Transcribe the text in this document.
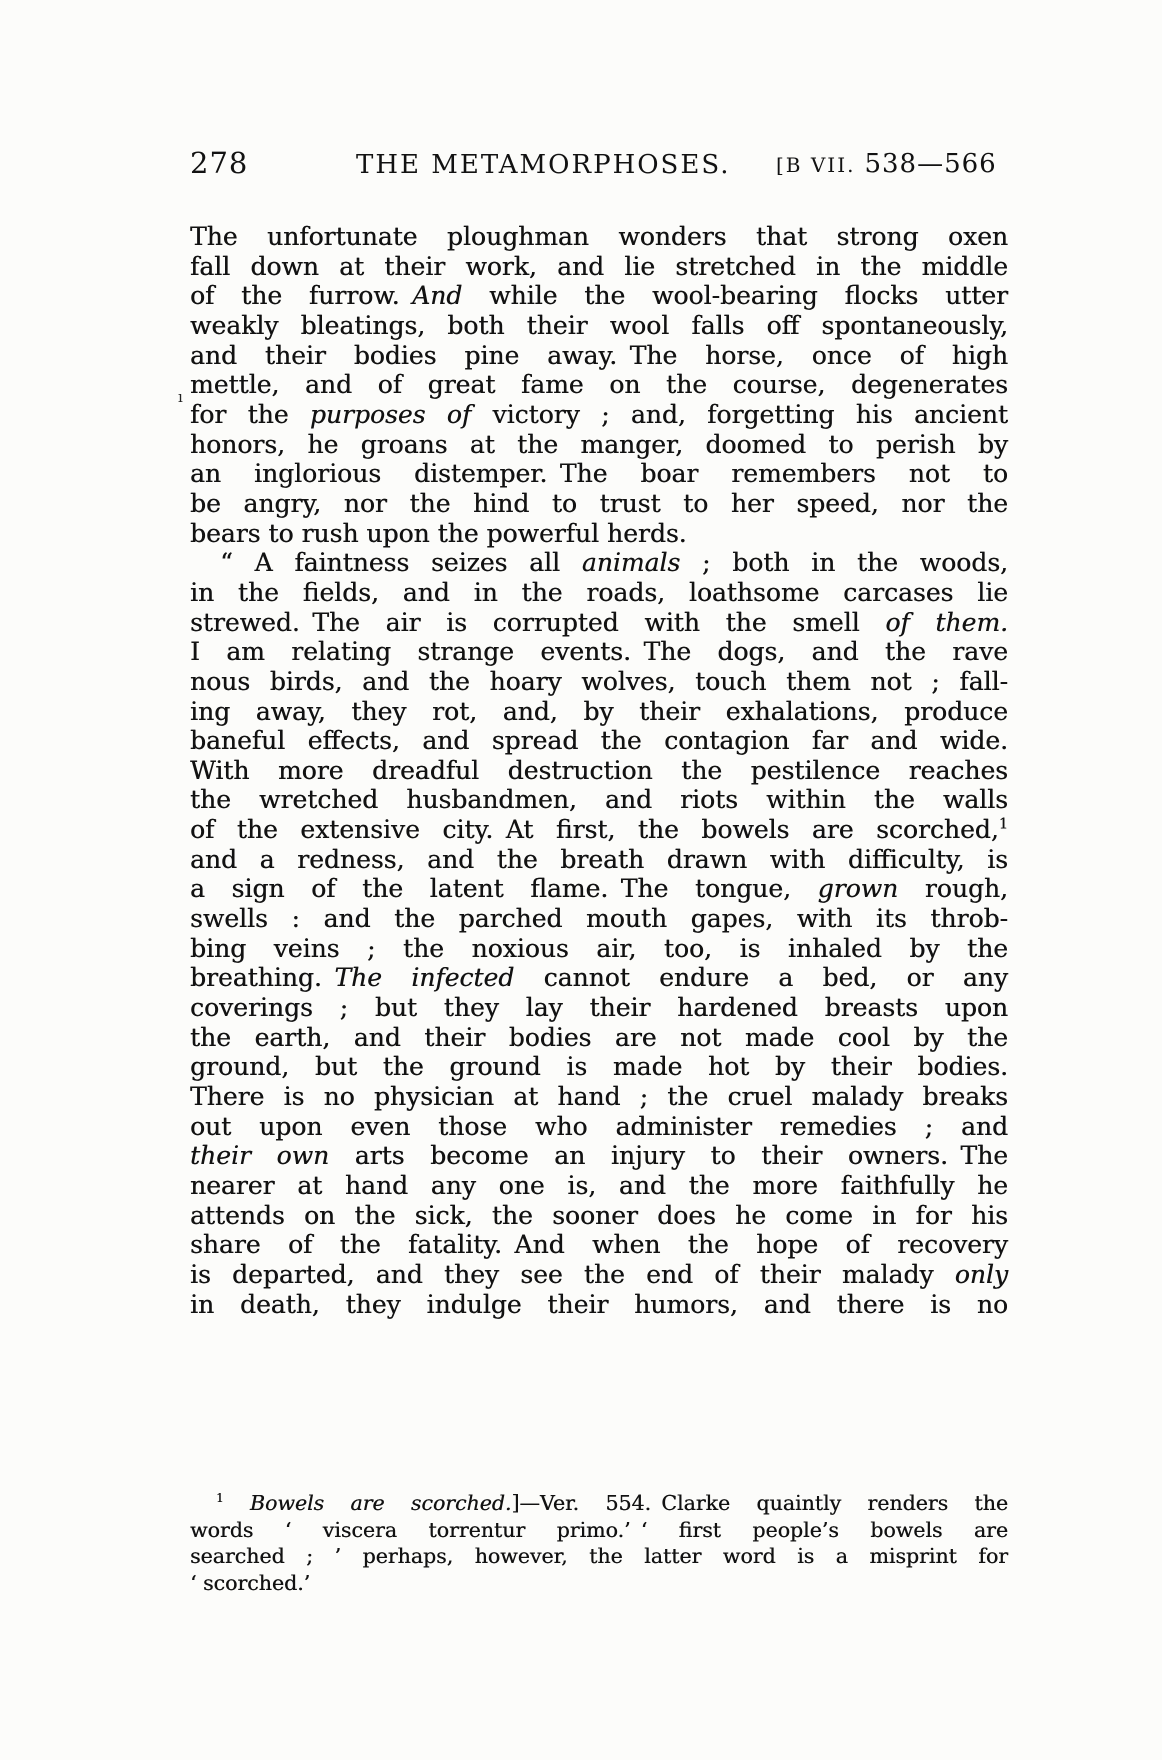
278	THE METAMORPHOSES. [B VII. 538—566
ı
The unfortunate ploughman wonders that strong oxen
fall down at their work, and lie stretched in the middle
of the furrow. And while the wool-bearing flocks utter
weakly bleatings, both their wool falls off spontaneously,
and their bodies pine away. The horse, once of high
mettle, and of great fame on the course, degenerates
for the purposes of victory ; and, forgetting his ancient
honors, he groans at the manger, doomed to perish by
an inglorious distemper. The boar remembers not to
be angry, nor the hind to trust to her speed, nor the
bears to rush upon the powerful herds.
“ A faintness seizes all animals ; both in the woods,
in the fields, and in the roads, loathsome carcases lie
strewed. The air is corrupted with the smell of them.
I am relating strange events. The dogs, and the rave
nous birds, and the hoary wolves, touch them not ; fall-
ing away, they rot, and, by their exhalations, produce
baneful effects, and spread the contagion far and wide.
With more dreadful destruction the pestilence reaches
the wretched husbandmen, and riots within the walls
of the extensive city. At first, the bowels are scorched,$^1$
and a redness, and the breath drawn with difficulty, is
a sign of the latent flame. The tongue, grown rough,
swells : and the parched mouth gapes, with its throb-
bing veins ; the noxious air, too, is inhaled by the
breathing. The infected cannot endure a bed, or any
coverings ; but they lay their hardened breasts upon
the earth, and their bodies are not made cool by the
ground, but the ground is made hot by their bodies.
There is no physician at hand ; the cruel malady breaks
out upon even those who administer remedies ; and
their own arts become an injury to their owners. The
nearer at hand any one is, and the more faithfully he
attends on the sick, the sooner does he come in for his
share of the fatality. And when the hope of recovery
is departed, and they see the end of their malady only
in death, they indulge their humors, and there is no
$^1$ Bowels are scorched.]—Ver. 554. Clarke quaintly renders the
words ‘ viscera torrentur primo.’ ‘ first people’s bowels are
searched ; ’ perhaps, however, the latter word is a misprint for
‘ scorched.’
